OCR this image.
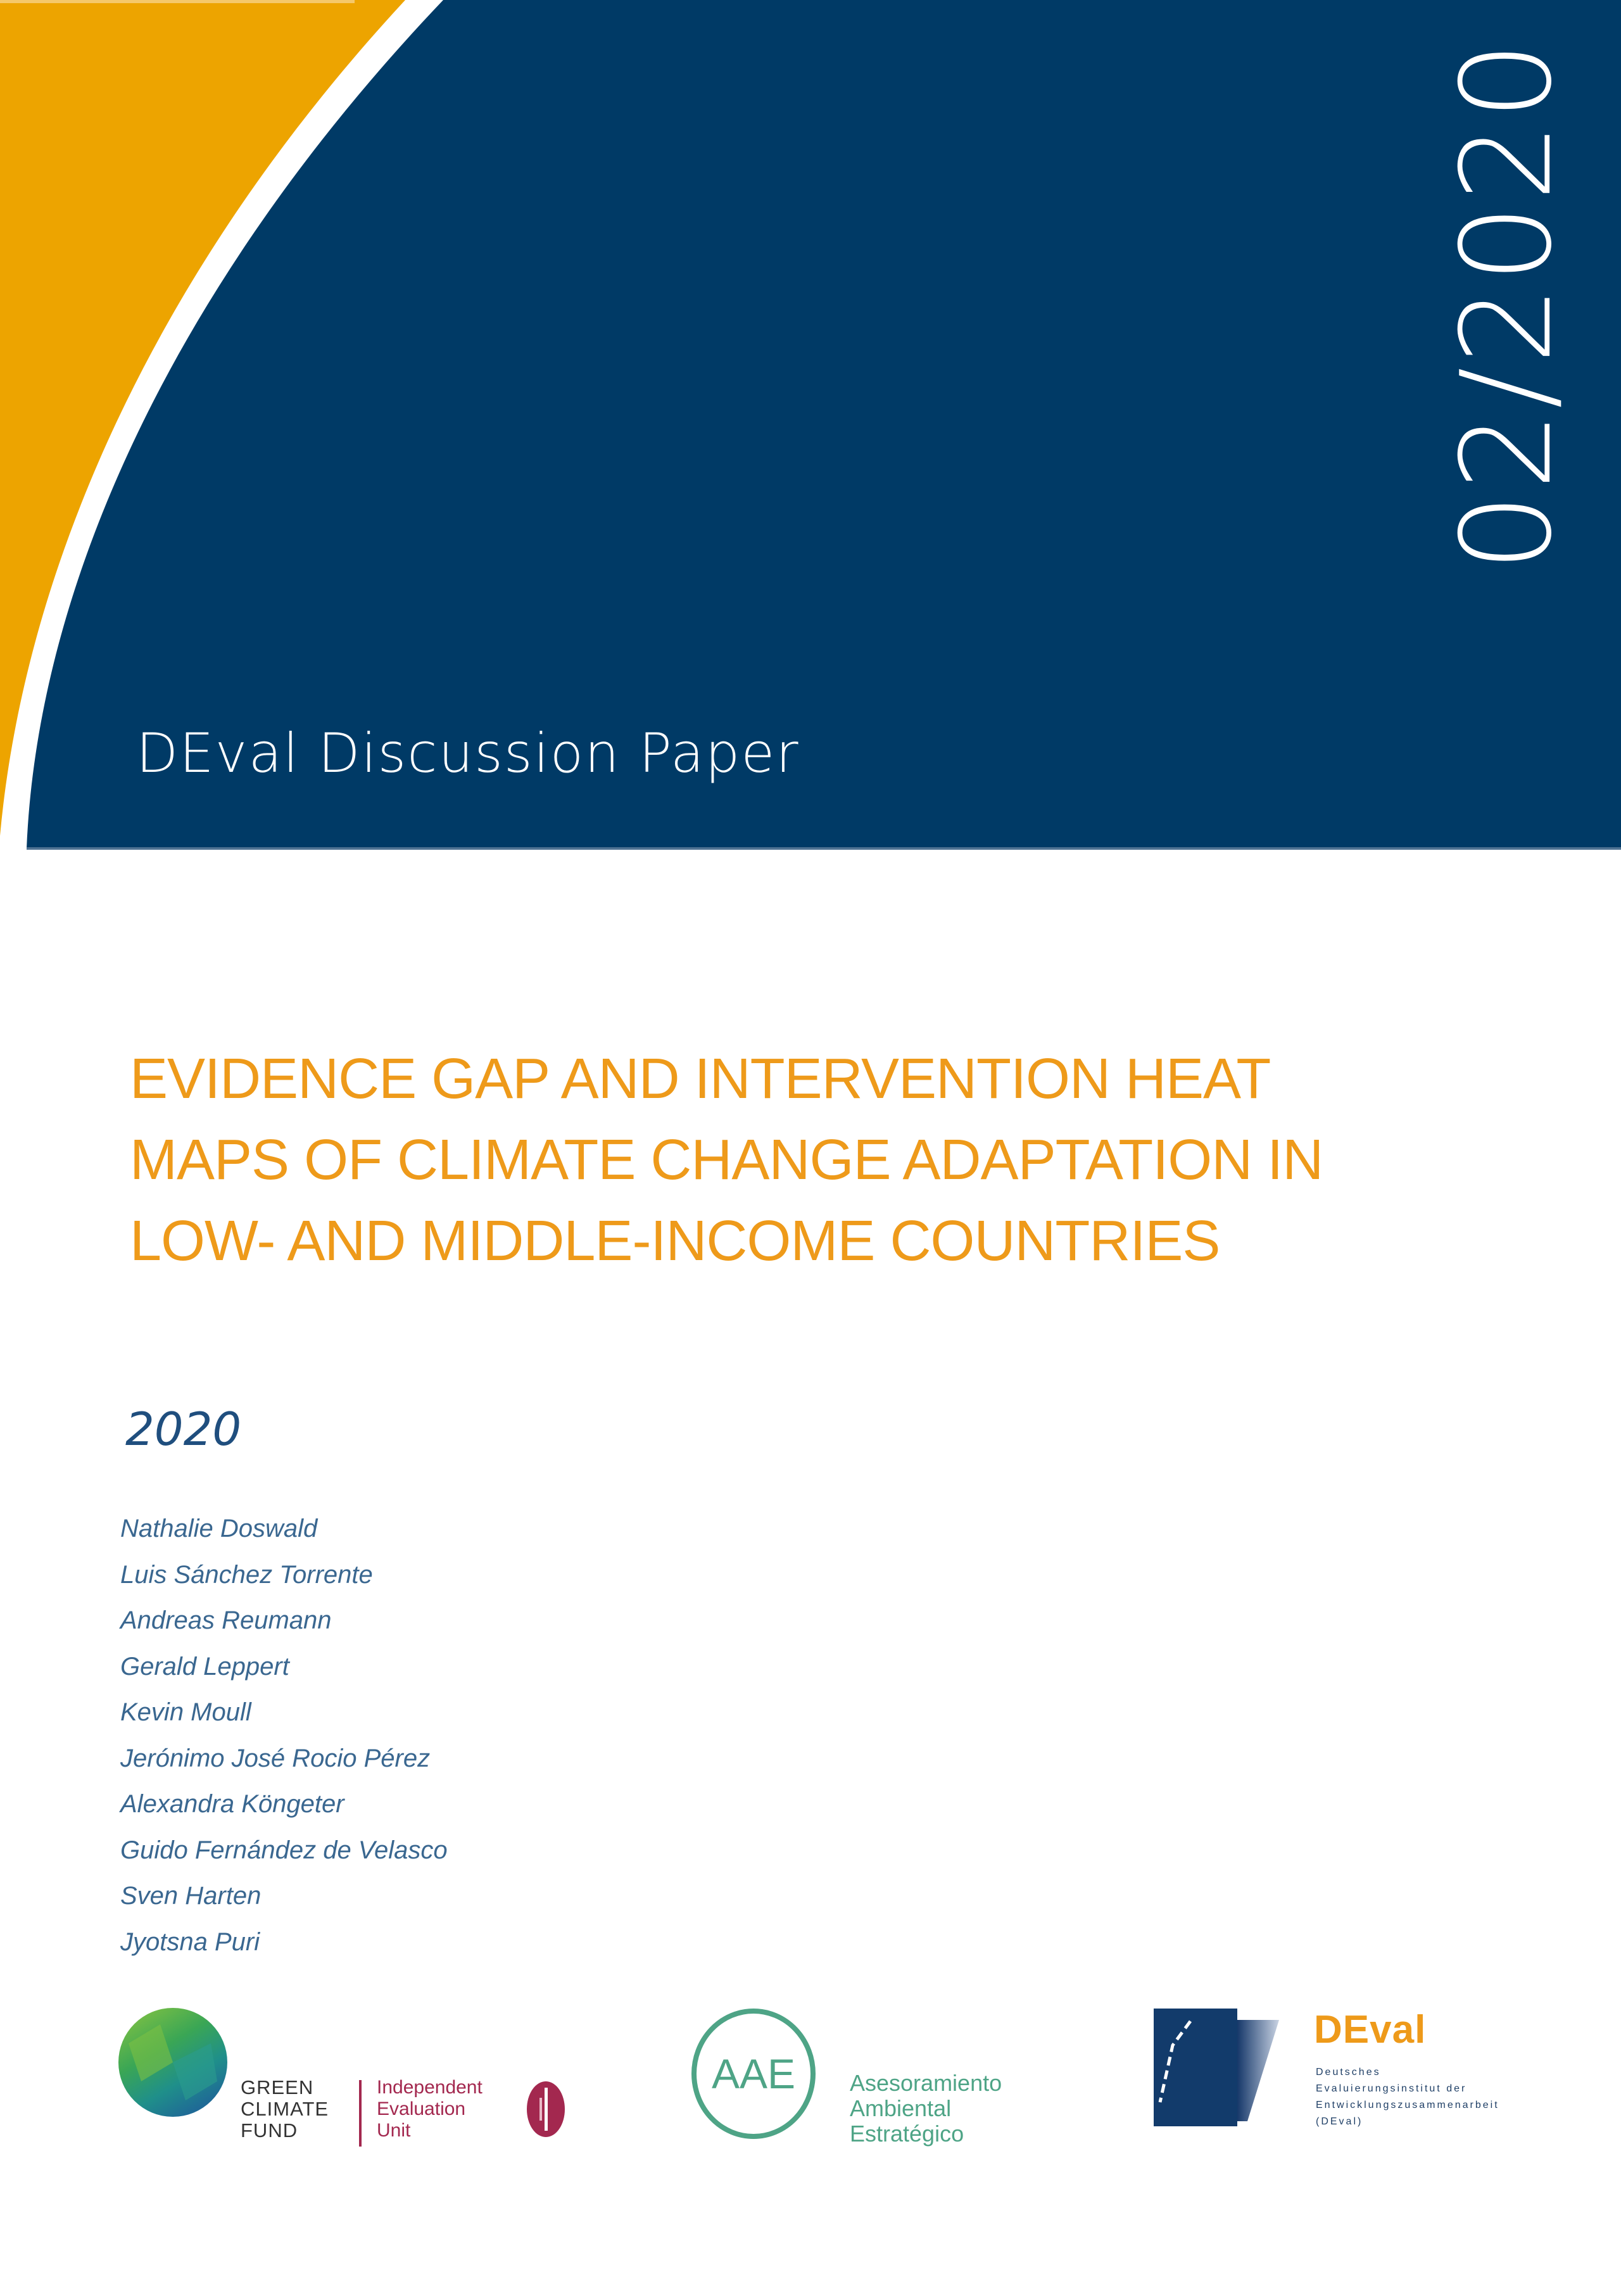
DEval Discussion Paper
02/2020
EVIDENCE GAP AND INTERVENTION HEAT
MAPS OF CLIMATE CHANGE ADAPTATION IN
LOW- AND MIDDLE-INCOME COUNTRIES
2020
Nathalie Doswald
Luis Sánchez Torrente
Andreas Reumann
Gerald Leppert
Kevin Moull
Jerónimo José Rocio Pérez
Alexandra Köngeter
Guido Fernández de Velasco
Sven Harten
Jyotsna Puri
GREEN
CLIMATE
FUND
Independent
Evaluation
Unit
AAE Asesoramiento
Ambiental
Estratégico
DEval
Deutsches
Evaluierungsinstitut der
Entwicklungszusammenarbeit
(DEval)
